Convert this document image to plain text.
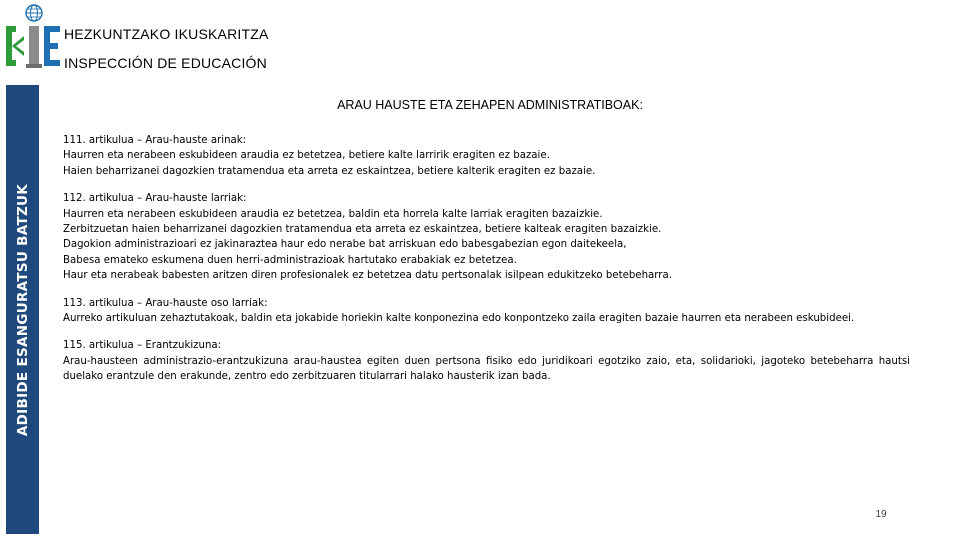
HEZKUNTZAKO IKUSKARITZA
INSPECCIÓN DE EDUCACIÓN
ADIBIDE ESANGURATSU BATZUK
ARAU HAUSTE ETA ZEHAPEN ADMINISTRATIBOAK:

111. artikulua – Arau-hauste arinak:

Haurren eta nerabeen eskubideen araudia ez betetzea, betiere kalte larririk eragiten ez bazaie.

Haien beharrizanei dagozkien tratamendua eta arreta ez eskaintzea, betiere kalterik eragiten ez bazaie.

112. artikulua – Arau-hauste larriak:

Haurren eta nerabeen eskubideen araudia ez betetzea, baldin eta horrela kalte larriak eragiten bazaizkie.

Zerbitzuetan haien beharrizanei dagozkien tratamendua eta arreta ez eskaintzea, betiere kalteak eragiten bazaizkie.

Dagokion administrazioari ez jakinaraztea haur edo nerabe bat arriskuan edo babesgabezian egon daitekeela,

Babesa emateko eskumena duen herri-administrazioak hartutako erabakiak ez betetzea.

Haur eta nerabeak babesten aritzen diren profesionalek ez betetzea datu pertsonalak isilpean edukitzeko betebeharra.

113. artikulua – Arau-hauste oso larriak:

Aurreko artikuluan zehaztutakoak, baldin eta jokabide horiekin kalte konponezina edo konpontzeko zaila eragiten bazaie haurren eta nerabeen eskubideei.

115. artikulua – Erantzukizuna:

Arau-hausteen administrazio-erantzukizuna arau-haustea egiten duen pertsona fisiko edo juridikoari egotziko zaio, eta, solidarioki, jagoteko betebeharra hautsi duelako erantzule den erakunde, zentro edo zerbitzuaren titularrari halako hausterik izan bada.

19
